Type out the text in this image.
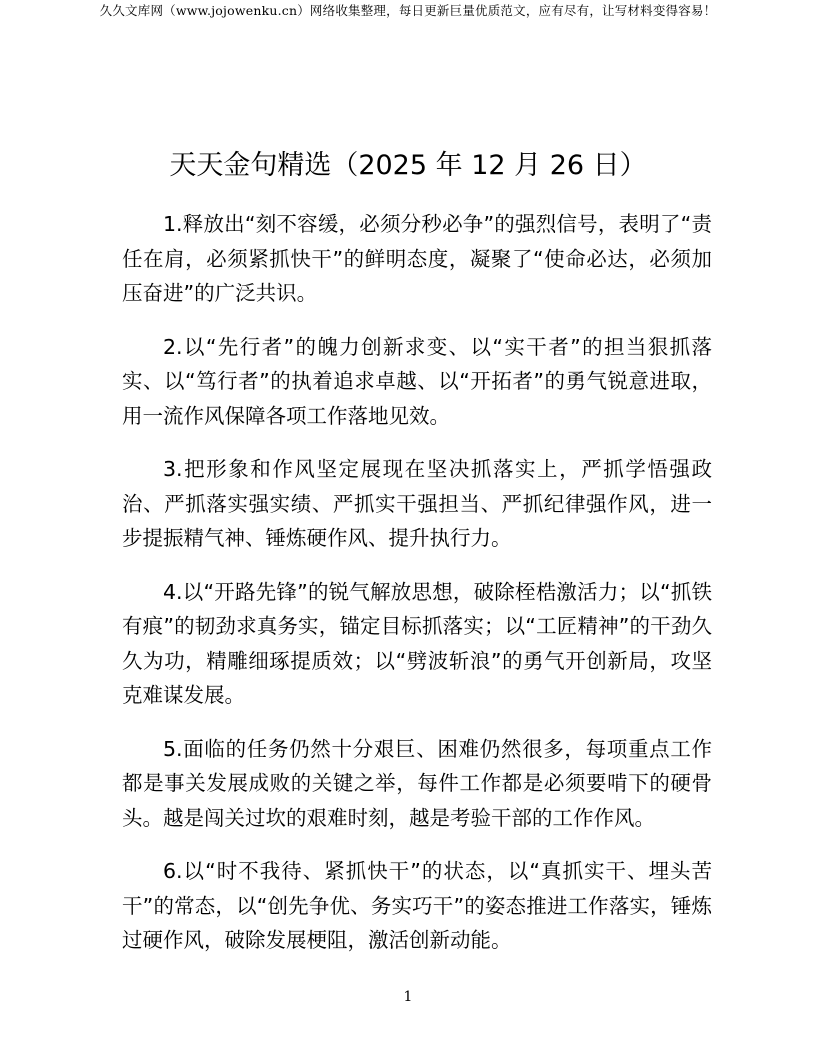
久久文库网（www.jojowenku.cn）网络收集整理，每日更新巨量优质范文，应有尽有，让写材料变得容易！
天天金句精选（2025 年 12 月 26 日）

1.释放出“刻不容缓，必须分秒必争”的强烈信号，表明了“责任在肩，必须紧抓快干”的鲜明态度，凝聚了“使命必达，必须加压奋进”的广泛共识。

2.以“先行者”的魄力创新求变、以“实干者”的担当狠抓落实、以“笃行者”的执着追求卓越、以“开拓者”的勇气锐意进取，用一流作风保障各项工作落地见效。

3.把形象和作风坚定展现在坚决抓落实上，严抓学悟强政治、严抓落实强实绩、严抓实干强担当、严抓纪律强作风，进一步提振精气神、锤炼硬作风、提升执行力。

4.以“开路先锋”的锐气解放思想，破除桎梏激活力；以“抓铁有痕”的韧劲求真务实，锚定目标抓落实；以“工匠精神”的干劲久久为功，精雕细琢提质效；以“劈波斩浪”的勇气开创新局，攻坚克难谋发展。

5.面临的任务仍然十分艰巨、困难仍然很多，每项重点工作都是事关发展成败的关键之举，每件工作都是必须要啃下的硬骨头。越是闯关过坎的艰难时刻，越是考验干部的工作作风。

6.以“时不我待、紧抓快干”的状态，以“真抓实干、埋头苦干”的常态，以“创先争优、务实巧干”的姿态推进工作落实，锤炼过硬作风，破除发展梗阻，激活创新动能。

1
